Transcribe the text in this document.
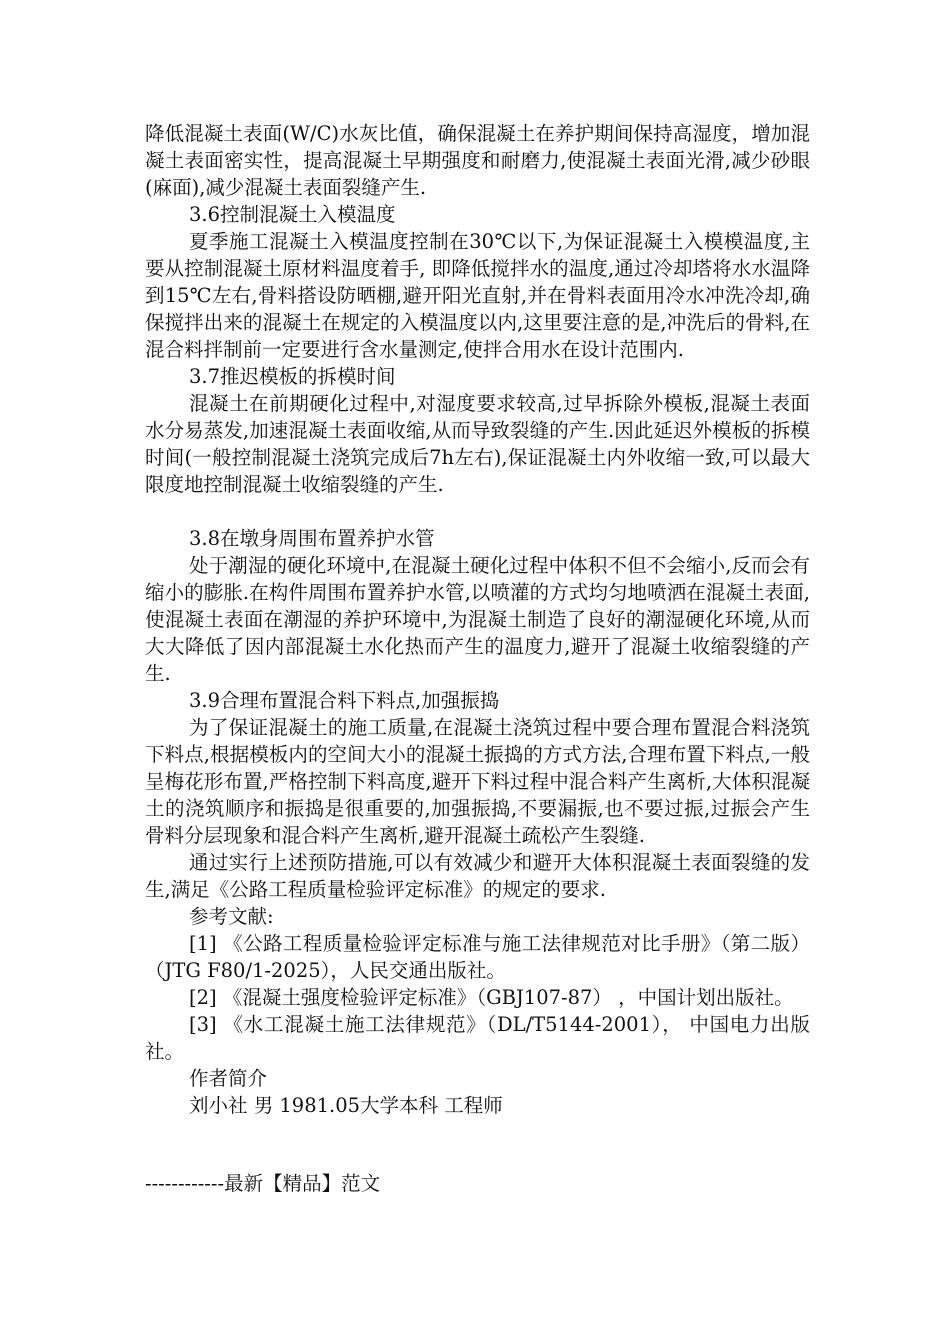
降低混凝土表面(W/C)水灰比值，确保混凝土在养护期间保持高湿度，增加混凝土表面密实性，提高混凝土早期强度和耐磨力,使混凝土表面光滑,减少砂眼(麻面),减少混凝土表面裂缝产生.

3.6控制混凝土入模温度

夏季施工混凝土入模温度控制在30℃以下,为保证混凝土入模模温度,主要从控制混凝土原材料温度着手, 即降低搅拌水的温度,通过冷却塔将水水温降到15℃左右,骨料搭设防晒棚,避开阳光直射,并在骨料表面用冷水冲洗冷却,确保搅拌出来的混凝土在规定的入模温度以内,这里要注意的是,冲洗后的骨料,在混合料拌制前一定要进行含水量测定,使拌合用水在设计范围内.

3.7推迟模板的拆模时间

混凝土在前期硬化过程中,对湿度要求较高,过早拆除外模板,混凝土表面水分易蒸发,加速混凝土表面收缩,从而导致裂缝的产生.因此延迟外模板的拆模时间(一般控制混凝土浇筑完成后7h左右),保证混凝土内外收缩一致,可以最大限度地控制混凝土收缩裂缝的产生.

3.8在墩身周围布置养护水管

处于潮湿的硬化环境中,在混凝土硬化过程中体积不但不会缩小,反而会有缩小的膨胀.在构件周围布置养护水管,以喷灌的方式均匀地喷洒在混凝土表面,使混凝土表面在潮湿的养护环境中,为混凝土制造了良好的潮湿硬化环境,从而大大降低了因内部混凝土水化热而产生的温度力,避开了混凝土收缩裂缝的产生.

3.9合理布置混合料下料点,加强振捣

为了保证混凝土的施工质量,在混凝土浇筑过程中要合理布置混合料浇筑下料点,根据模板内的空间大小的混凝土振捣的方式方法,合理布置下料点,一般呈梅花形布置,严格控制下料高度,避开下料过程中混合料产生离析,大体积混凝土的浇筑顺序和振捣是很重要的,加强振捣,不要漏振,也不要过振,过振会产生骨料分层现象和混合料产生离析,避开混凝土疏松产生裂缝.

通过实行上述预防措施,可以有效减少和避开大体积混凝土表面裂缝的发生,满足《公路工程质量检验评定标准》的规定的要求.

参考文献:

[1] 《公路工程质量检验评定标准与施工法律规范对比手册》（第二版）（JTG F80/1-2025），人民交通出版社。

[2] 《混凝土强度检验评定标准》（GBJ107-87） ，中国计划出版社。

[3] 《水工混凝土施工法律规范》（DL/T5144-2001）， 中国电力出版社。

作者简介

刘小社 男 1981.05大学本科 工程师

------------最新【精品】范文
